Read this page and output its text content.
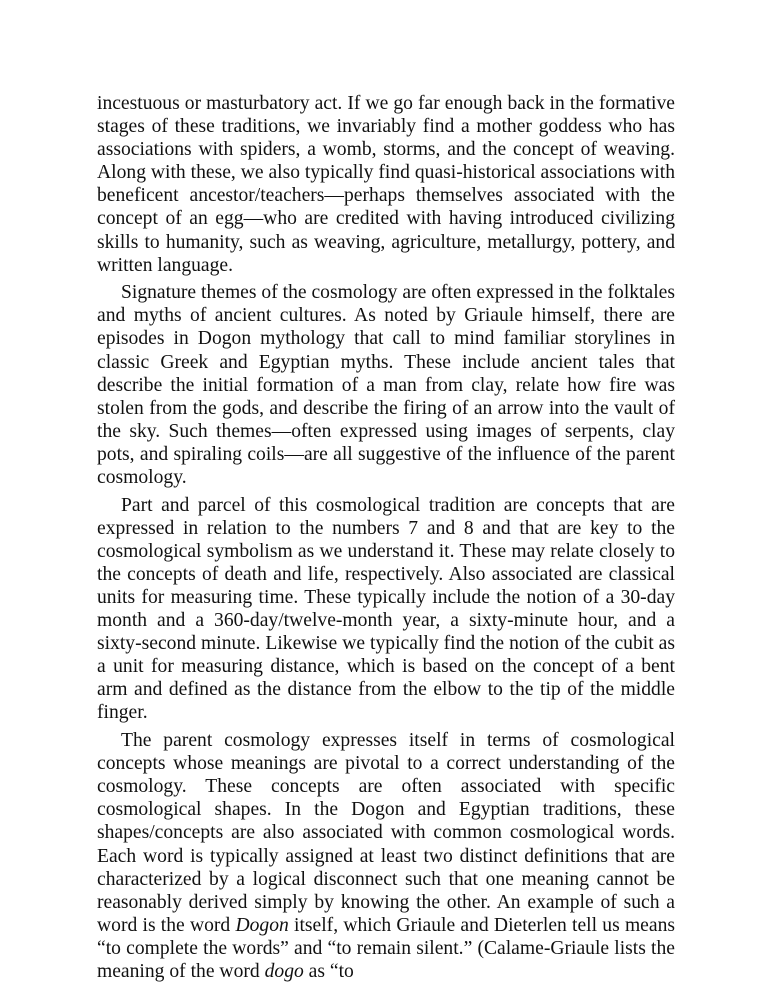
incestuous or masturbatory act. If we go far enough back in the formative stages of these traditions, we invariably find a mother goddess who has associations with spiders, a womb, storms, and the concept of weaving. Along with these, we also typically find quasi-historical associations with beneficent ancestor/teachers—perhaps themselves associated with the concept of an egg—who are credited with having introduced civilizing skills to humanity, such as weaving, agriculture, metallurgy, pottery, and written language.

Signature themes of the cosmology are often expressed in the folktales and myths of ancient cultures. As noted by Griaule himself, there are episodes in Dogon mythology that call to mind familiar storylines in classic Greek and Egyptian myths. These include ancient tales that describe the initial formation of a man from clay, relate how fire was stolen from the gods, and describe the firing of an arrow into the vault of the sky. Such themes—often expressed using images of serpents, clay pots, and spiraling coils—are all suggestive of the influence of the parent cosmology.

Part and parcel of this cosmological tradition are concepts that are expressed in relation to the numbers 7 and 8 and that are key to the cosmological symbolism as we understand it. These may relate closely to the concepts of death and life, respectively. Also associated are classical units for measuring time. These typically include the notion of a 30-day month and a 360-day/twelve-month year, a sixty-minute hour, and a sixty-second minute. Likewise we typically find the notion of the cubit as a unit for measuring distance, which is based on the concept of a bent arm and defined as the distance from the elbow to the tip of the middle finger.

The parent cosmology expresses itself in terms of cosmological concepts whose meanings are pivotal to a correct understanding of the cosmology. These concepts are often associated with specific cosmological shapes. In the Dogon and Egyptian traditions, these shapes/concepts are also associated with common cosmological words. Each word is typically assigned at least two distinct definitions that are characterized by a logical disconnect such that one meaning cannot be reasonably derived simply by knowing the other. An example of such a word is the word Dogon itself, which Griaule and Dieterlen tell us means “to complete the words” and “to remain silent.” (Calame-Griaule lists the meaning of the word dogo as “to
